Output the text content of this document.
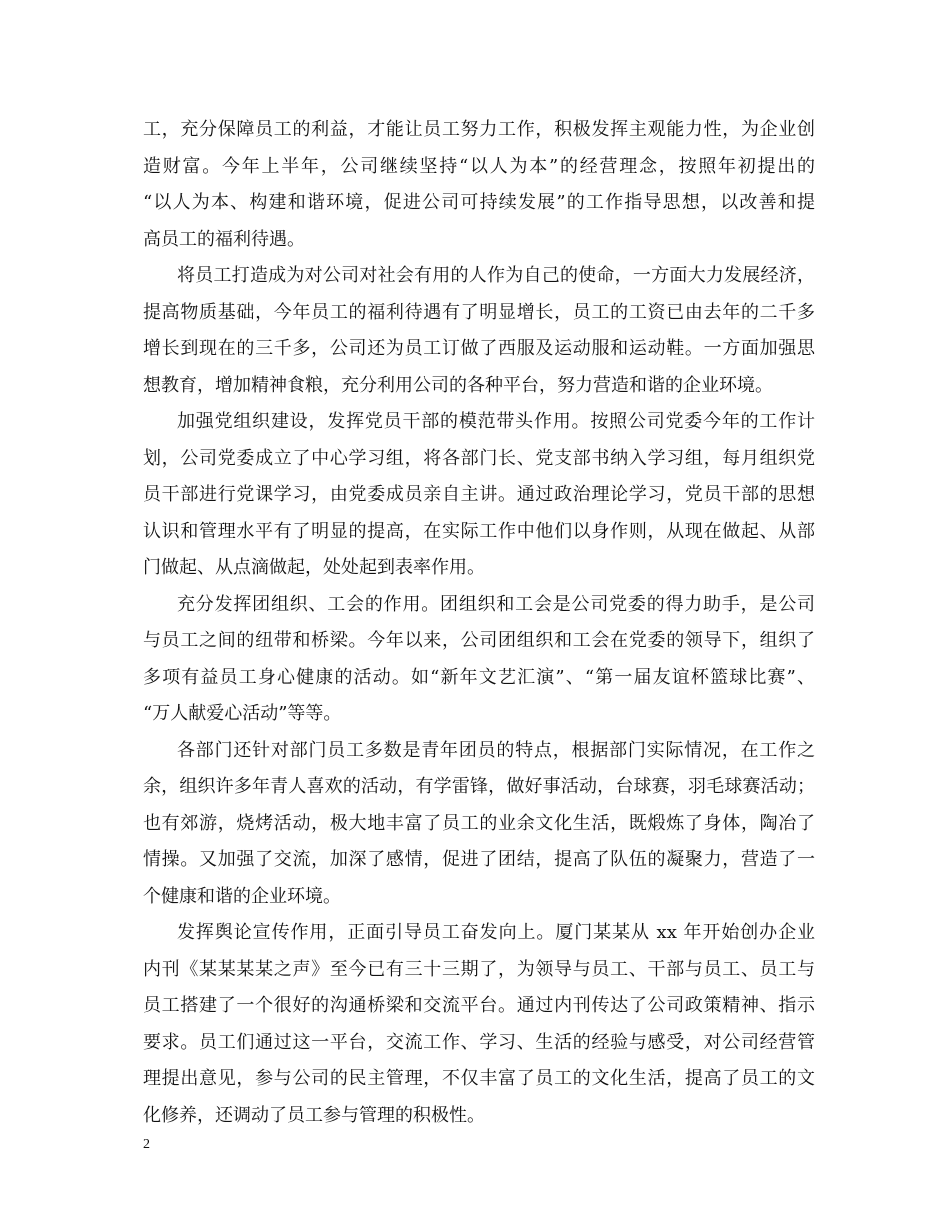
工，充分保障员工的利益，才能让员工努力工作，积极发挥主观能力性，为企业创
造财富。今年上半年，公司继续坚持“以人为本”的经营理念，按照年初提出的
“以人为本、构建和谐环境，促进公司可持续发展”的工作指导思想，以改善和提
高员工的福利待遇。
将员工打造成为对公司对社会有用的人作为自己的使命，一方面大力发展经济，
提高物质基础，今年员工的福利待遇有了明显增长，员工的工资已由去年的二千多
增长到现在的三千多，公司还为员工订做了西服及运动服和运动鞋。一方面加强思
想教育，增加精神食粮，充分利用公司的各种平台，努力营造和谐的企业环境。
加强党组织建设，发挥党员干部的模范带头作用。按照公司党委今年的工作计
划，公司党委成立了中心学习组，将各部门长、党支部书纳入学习组，每月组织党
员干部进行党课学习，由党委成员亲自主讲。通过政治理论学习，党员干部的思想
认识和管理水平有了明显的提高，在实际工作中他们以身作则，从现在做起、从部
门做起、从点滴做起，处处起到表率作用。
充分发挥团组织、工会的作用。团组织和工会是公司党委的得力助手，是公司
与员工之间的纽带和桥梁。今年以来，公司团组织和工会在党委的领导下，组织了
多项有益员工身心健康的活动。如“新年文艺汇演”、“第一届友谊杯篮球比赛”、
“万人献爱心活动”等等。
各部门还针对部门员工多数是青年团员的特点，根据部门实际情况，在工作之
余，组织许多年青人喜欢的活动，有学雷锋，做好事活动，台球赛，羽毛球赛活动；
也有郊游，烧烤活动，极大地丰富了员工的业余文化生活，既煅炼了身体，陶冶了
情操。又加强了交流，加深了感情，促进了团结，提高了队伍的凝聚力，营造了一
个健康和谐的企业环境。
发挥舆论宣传作用，正面引导员工奋发向上。厦门某某从 xx 年开始创办企业
内刊《某某某某之声》至今已有三十三期了，为领导与员工、干部与员工、员工与
员工搭建了一个很好的沟通桥梁和交流平台。通过内刊传达了公司政策精神、指示
要求。员工们通过这一平台，交流工作、学习、生活的经验与感受，对公司经营管
理提出意见，参与公司的民主管理，不仅丰富了员工的文化生活，提高了员工的文
化修养，还调动了员工参与管理的积极性。
2
